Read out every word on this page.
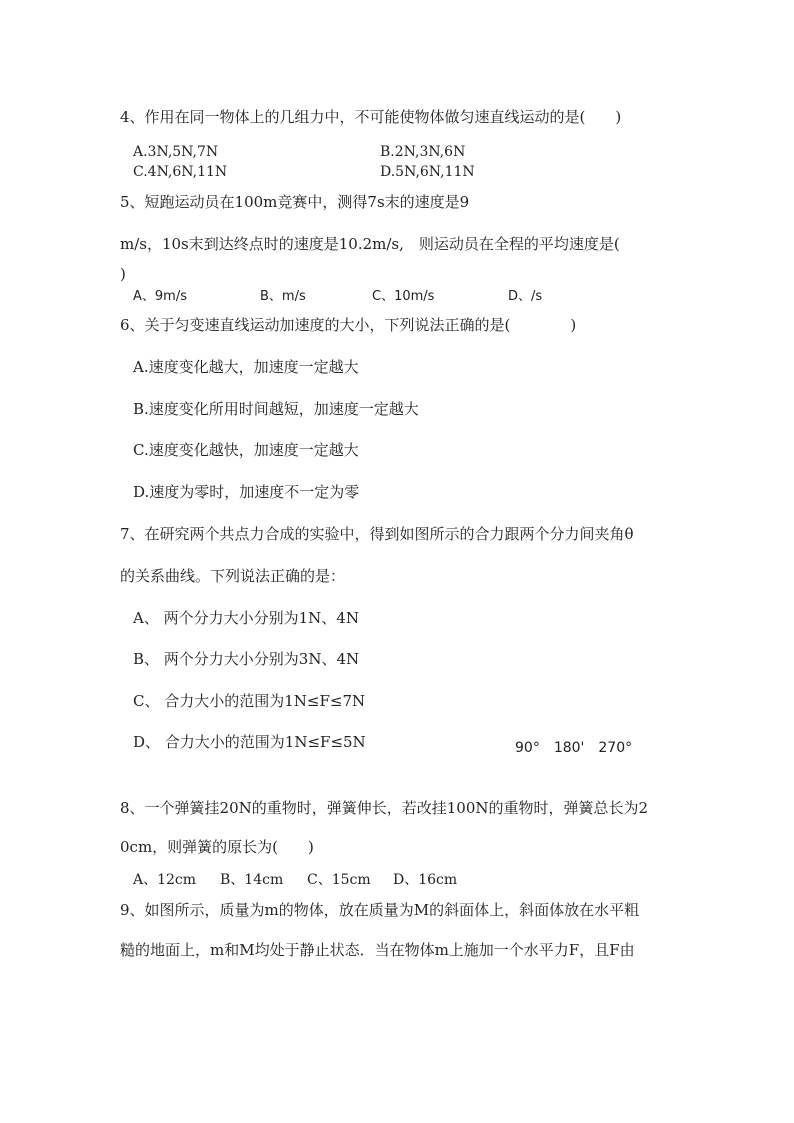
4、作用在同一物体上的几组力中，不可能使物体做匀速直线运动的是(　　)
A.3N,5N,7N	B.2N,3N,6N
C.4N,6N,11N	D.5N,6N,11N
5、短跑运动员在100m竞赛中，测得7s末的速度是9
m/s，10s末到达终点时的速度是10.2m/s,　则运动员在全程的平均速度是(
)
A、9m/s	B、m/s	C、10m/s	D、/s
6、关于匀变速直线运动加速度的大小，下列说法正确的是(　　　　)
A.速度变化越大，加速度一定越大
B.速度变化所用时间越短，加速度一定越大
C.速度变化越快，加速度一定越大
D.速度为零时，加速度不一定为零
7、在研究两个共点力合成的实验中，得到如图所示的合力跟两个分力间夹角θ
的关系曲线。下列说法正确的是：
A、 两个分力大小分别为1N、4N
B、 两个分力大小分别为3N、4N
C、 合力大小的范围为1N≤F≤7N
D、 合力大小的范围为1N≤F≤5N	90°　180'　270°
8、一个弹簧挂20N的重物时，弹簧伸长，若改挂100N的重物时，弹簧总长为2
0cm，则弹簧的原长为(　　)
A、12cm B、14cm C、15cm D、16cm
9、如图所示，质量为m的物体，放在质量为M的斜面体上，斜面体放在水平粗
糙的地面上，m和M均处于静止状态．当在物体m上施加一个水平力F，且F由
